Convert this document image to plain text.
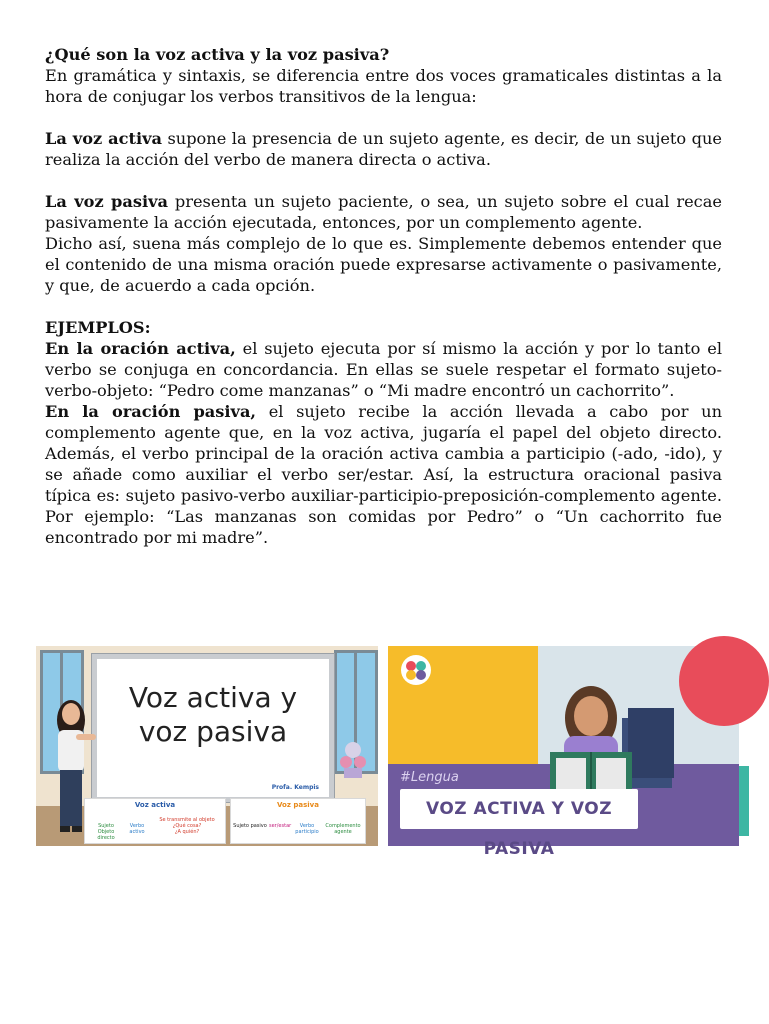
¿Qué son la voz activa y la voz pasiva?

En gramática y sintaxis, se diferencia entre dos voces gramaticales distintas a la hora de conjugar los verbos transitivos de la lengua:

La voz activa supone la presencia de un sujeto agente, es decir, de un sujeto que realiza la acción del verbo de manera directa o activa.

La voz pasiva presenta un sujeto paciente, o sea, un sujeto sobre el cual recae pasivamente la acción ejecutada, entonces, por un complemento agente.

Dicho así, suena más complejo de lo que es. Simplemente debemos entender que el contenido de una misma oración puede expresarse activamente o pasivamente, y que, de acuerdo a cada opción.

EJEMPLOS:

En la oración activa, el sujeto ejecuta por sí mismo la acción y por lo tanto el verbo se conjuga en concordancia. En ellas se suele respetar el formato sujeto-verbo-objeto: “Pedro come manzanas” o “Mi madre encontró un cachorrito”.

En la oración pasiva, el sujeto recibe la acción llevada a cabo por un complemento agente que, en la voz activa, jugaría el papel del objeto directo. Además, el verbo principal de la oración activa cambia a participio (-ado, -ido), y se añade como auxiliar el verbo ser/estar. Así, la estructura oracional pasiva típica es: sujeto pasivo-verbo auxiliar-participio-preposición-complemento agente. Por ejemplo: “Las manzanas son comidas por Pedro” o “Un cachorrito fue encontrado por mi madre”.

Voz activa y
voz pasiva
Profa. Kempis
Voz activa
Sujeto
Objeto directo
Verbo
activo
Se transmite al objeto
¿Qué cosa?
¿A quién?
Voz pasiva
Sujeto pasivo ser/estar	Verbo
participio
Complemento
agente
#Lengua
VOZ ACTIVA Y VOZ PASIVA
